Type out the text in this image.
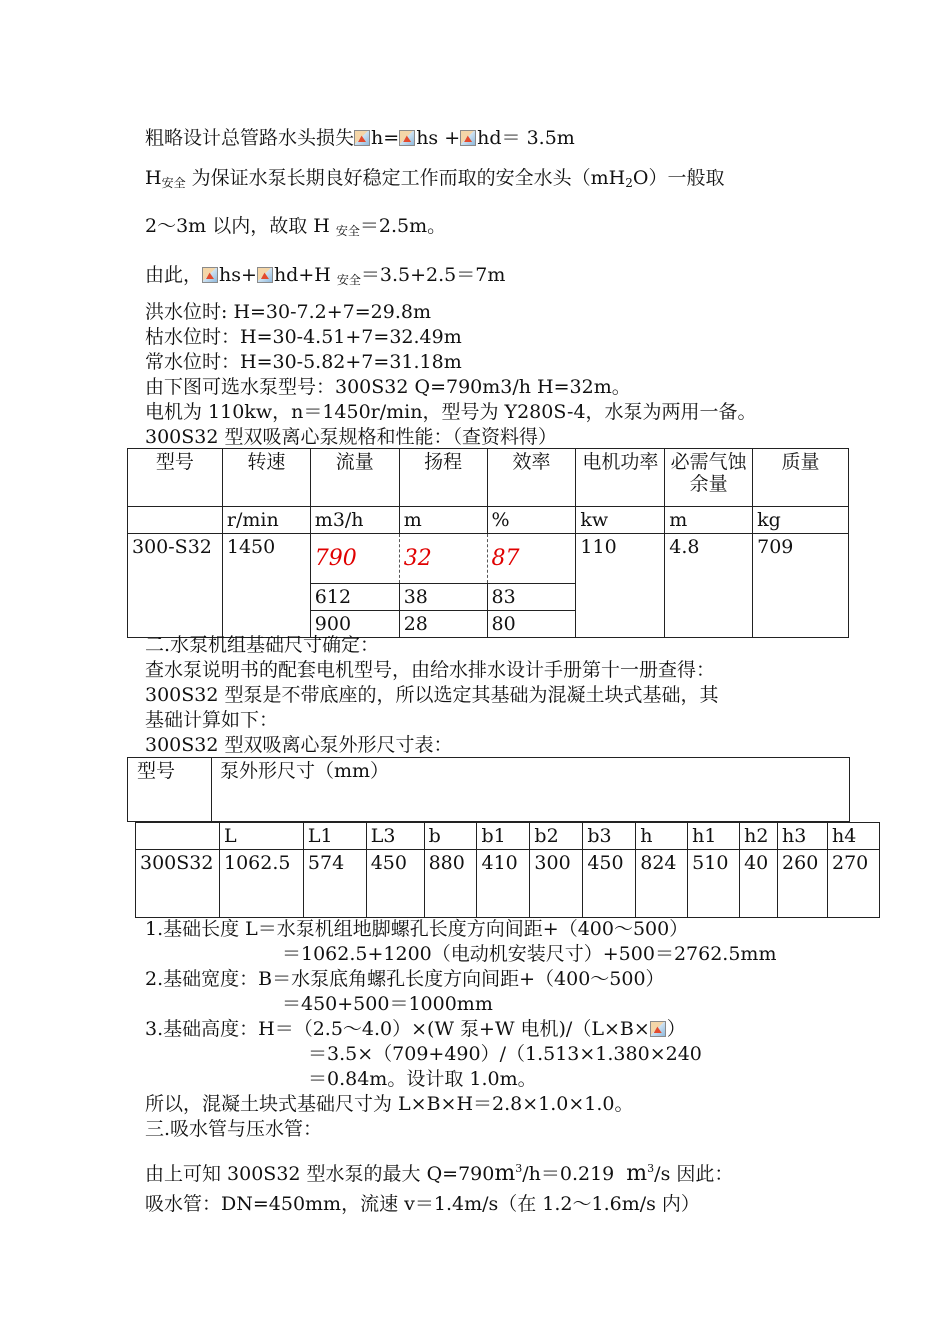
粗略设计总管路水头损失 h= hs + hd＝ 3.5m
$H_{安全}$ 为保证水泵长期良好稳定工作而取的安全水头$(mH_2O)$一般取
2～3m 以内，故取 H $_{安全}$＝2.5m。
由此， hs+ hd+H $_{安全}$＝3.5+2.5＝7m
洪水位时: H=30-7.2+7=29.8m
枯水位时：H=30-4.51+7=32.49m
常水位时：H=30-5.82+7=31.18m
由下图可选水泵型号：300S32 Q=790m3/h H=32m。
电机为 110kw，n＝1450r/min，型号为 Y280S-4，水泵为两用一备。
300S32 型双吸离心泵规格和性能：（查资料得）
型号	转速	流量	扬程	效率	电机功率	必需气蚀余量	质量
	r/min	m3/h	m	%	kw	m	kg
300-S32	1450	790	32	87	110	4.8	709
		612	38	83			
		900	28	80			
二.水泵机组基础尺寸确定：
查水泵说明书的配套电机型号，由给水排水设计手册第十一册查得：
300S32 型泵是不带底座的，所以选定其基础为混凝土块式基础，其
基础计算如下：
300S32 型双吸离心泵外形尺寸表：
型号 泵外形尺寸（mm）
	L	L1	L3	b	b1	b2	b3	h	h1	h2	h3	h4
300S32	1062.5	574	450	880	410	300	450	824	510	40	260	270
1.基础长度 L＝水泵机组地脚螺孔长度方向间距+（400～500）
＝1062.5+1200（电动机安装尺寸）+500＝2762.5mm
2.基础宽度：B＝水泵底角螺孔长度方向间距+（400～500）
＝450+500＝1000mm
3.基础高度：H＝（2.5～4.0）×(W 泵+W 电机)/（L×B× ）
＝3.5×（709+490）/（1.513×1.380×240
＝0.84m。设计取 1.0m。
所以，混凝土块式基础尺寸为 L×B×H＝2.8×1.0×1.0。
三.吸水管与压水管：
由上可知 300S32 型水泵的最大 $Q=790m^3/h=0.219$ $m^3/s$ 因此：
吸水管：DN=450mm，流速 v＝1.4m/s（在 1.2～1.6m/s 内）
